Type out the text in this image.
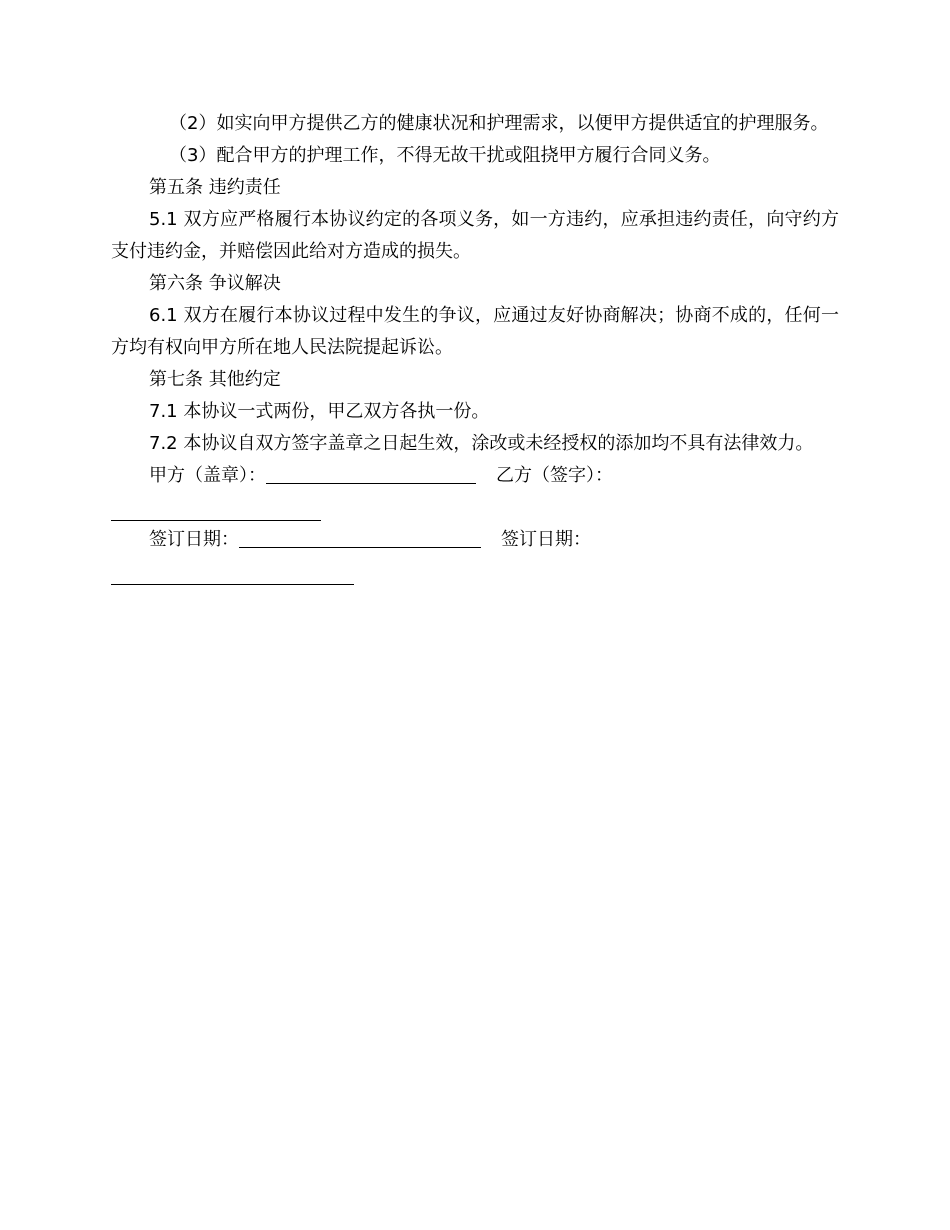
（2）如实向甲方提供乙方的健康状况和护理需求，以便甲方提供适宜的护理服务。

（3）配合甲方的护理工作，不得无故干扰或阻挠甲方履行合同义务。

第五条 违约责任

5.1 双方应严格履行本协议约定的各项义务，如一方违约，应承担违约责任，向守约方支付违约金，并赔偿因此给对方造成的损失。

第六条 争议解决

6.1 双方在履行本协议过程中发生的争议，应通过友好协商解决；协商不成的，任何一方均有权向甲方所在地人民法院提起诉讼。

第七条 其他约定

7.1 本协议一式两份，甲乙双方各执一份。

7.2 本协议自双方签字盖章之日起生效，涂改或未经授权的添加均不具有法律效力。

甲方（盖章）：	乙方（签字）：
签订日期：	签订日期：
